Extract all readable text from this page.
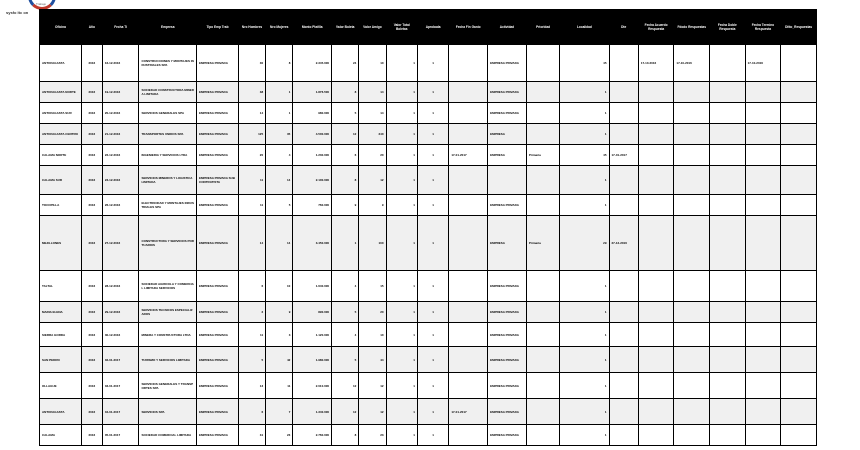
Trabajo
sysfo Itc on
Oficina	Año	Fecha Ti	Empresa	Tipo Emp Trab	Nro Hombres	Nro Mujeres	Monto Plañlla	Valor Boleta	Valor Amigo	Valor Total Boletas	Aprobada	Fecha Fin Ganio	Actividad	Prioridad	Localidad	Dte	Fecha Acuerdo Respuesta	Fdodo Respuestas	Fecha Doble Respuesta	Fecha Termino Respuesta	Ditto_Respuestas
ANTOFAGASTA	2016	16-12-2016	CONSTRUCCIONES Y MONTAJES INDUSTRIALES SPA	EMPRESA PRIVADA	30	8	2.345.000	24	10	1	1		EMPRESA PRIVADA		45		17-10-2016	17-10-2016		17-10-2016	
ANTOFAGASTA NORTE	2016	19-12-2016	SOCIEDAD CONSTRUCTORA MINERA LIMITADA	EMPRESA PRIVADA	38	1	1.876.500	8	14	1	1		EMPRESA PRIVADA		1						
ANTOFAGASTA SUR	2016	20-12-2016	SERVICIOS GENERALES SPA	EMPRESA PRIVADA	14	1	980.000	5	14	1	1		EMPRESA PRIVADA		1						
ANTOFAGASTA CENTRO	2016	21-12-2016	TRANSPORTES UNIDOS SPA	EMPRESA PRIVADA	125	35	4.500.000	12	240	1	1		EMPRESA		1						
CALAMA NORTE	2016	22-12-2016	INGENIERIA Y SERVICIOS LTDA	EMPRESA PRIVADA	20	4	1.230.000	6	20	1	1	17-01-2017	EMPRESA	Primaria	45	17-01-2017					
CALAMA SUR	2016	23-12-2016	SERVICIOS MINEROS Y LOGISTICA LIMITADA	EMPRESA PRIVADA SUBCONTRATISTA	11	14	2.100.000	8	12	1	1				1						
TOCOPILLA	2016	26-12-2016	ELECTRICIDAD Y MONTAJES INDUSTRIALES SPA	EMPRESA PRIVADA	11	5	760.000	9	9	1	1		EMPRESA PRIVADA		1						
MEJILLONES	2016	27-12-2016	CONSTRUCTORA Y SERVICIOS PORTUARIOS	EMPRESA PRIVADA	14	14	3.450.000	1	100	1	1		EMPRESA	Primaria	29	27-12-2016					
TALTAL	2016	28-12-2016	SOCIEDAD AGRICOLA Y COMERCIAL LIMITADA SERVICIOS	EMPRESA PRIVADA	6	10	1.640.000	4	15	1	1		EMPRESA PRIVADA		1						
MARIA ELENA	2016	29-12-2016	SERVICIOS TECNICOS ESPECIALIZADOS	EMPRESA PRIVADA	2	9	890.000	5	20	1	1		EMPRESA PRIVADA		1						
SIERRA GORDA	2016	30-12-2016	MINERA Y CONSTRUCTORA LTDA	EMPRESA PRIVADA	11	3	1.120.000	4	10	1	1		EMPRESA PRIVADA		1						
SAN PEDRO	2016	02-01-2017	TURISMO Y SERVICIOS LIMITADA	EMPRESA PRIVADA	5	42	1.980.000	5	44	1	1		EMPRESA PRIVADA		1						
OLLAGUE	2016	03-01-2017	SERVICIOS GENERALES Y TRANSPORTES SPA	EMPRESA PRIVADA	13	11	2.010.000	12	12	1	1		EMPRESA PRIVADA		1						
ANTOFAGASTA	2016	04-01-2017	SERVICIOS SPA	EMPRESA PRIVADA	6	7	1.340.000	12	12	1	1	17-01-2017	EMPRESA PRIVADA		1						
CALAMA	2016	05-01-2017	SOCIEDAD COMERCIAL LIMITADA	EMPRESA PRIVADA	31	23	2.760.000	8	23	1	1		EMPRESA PRIVADA		1						
